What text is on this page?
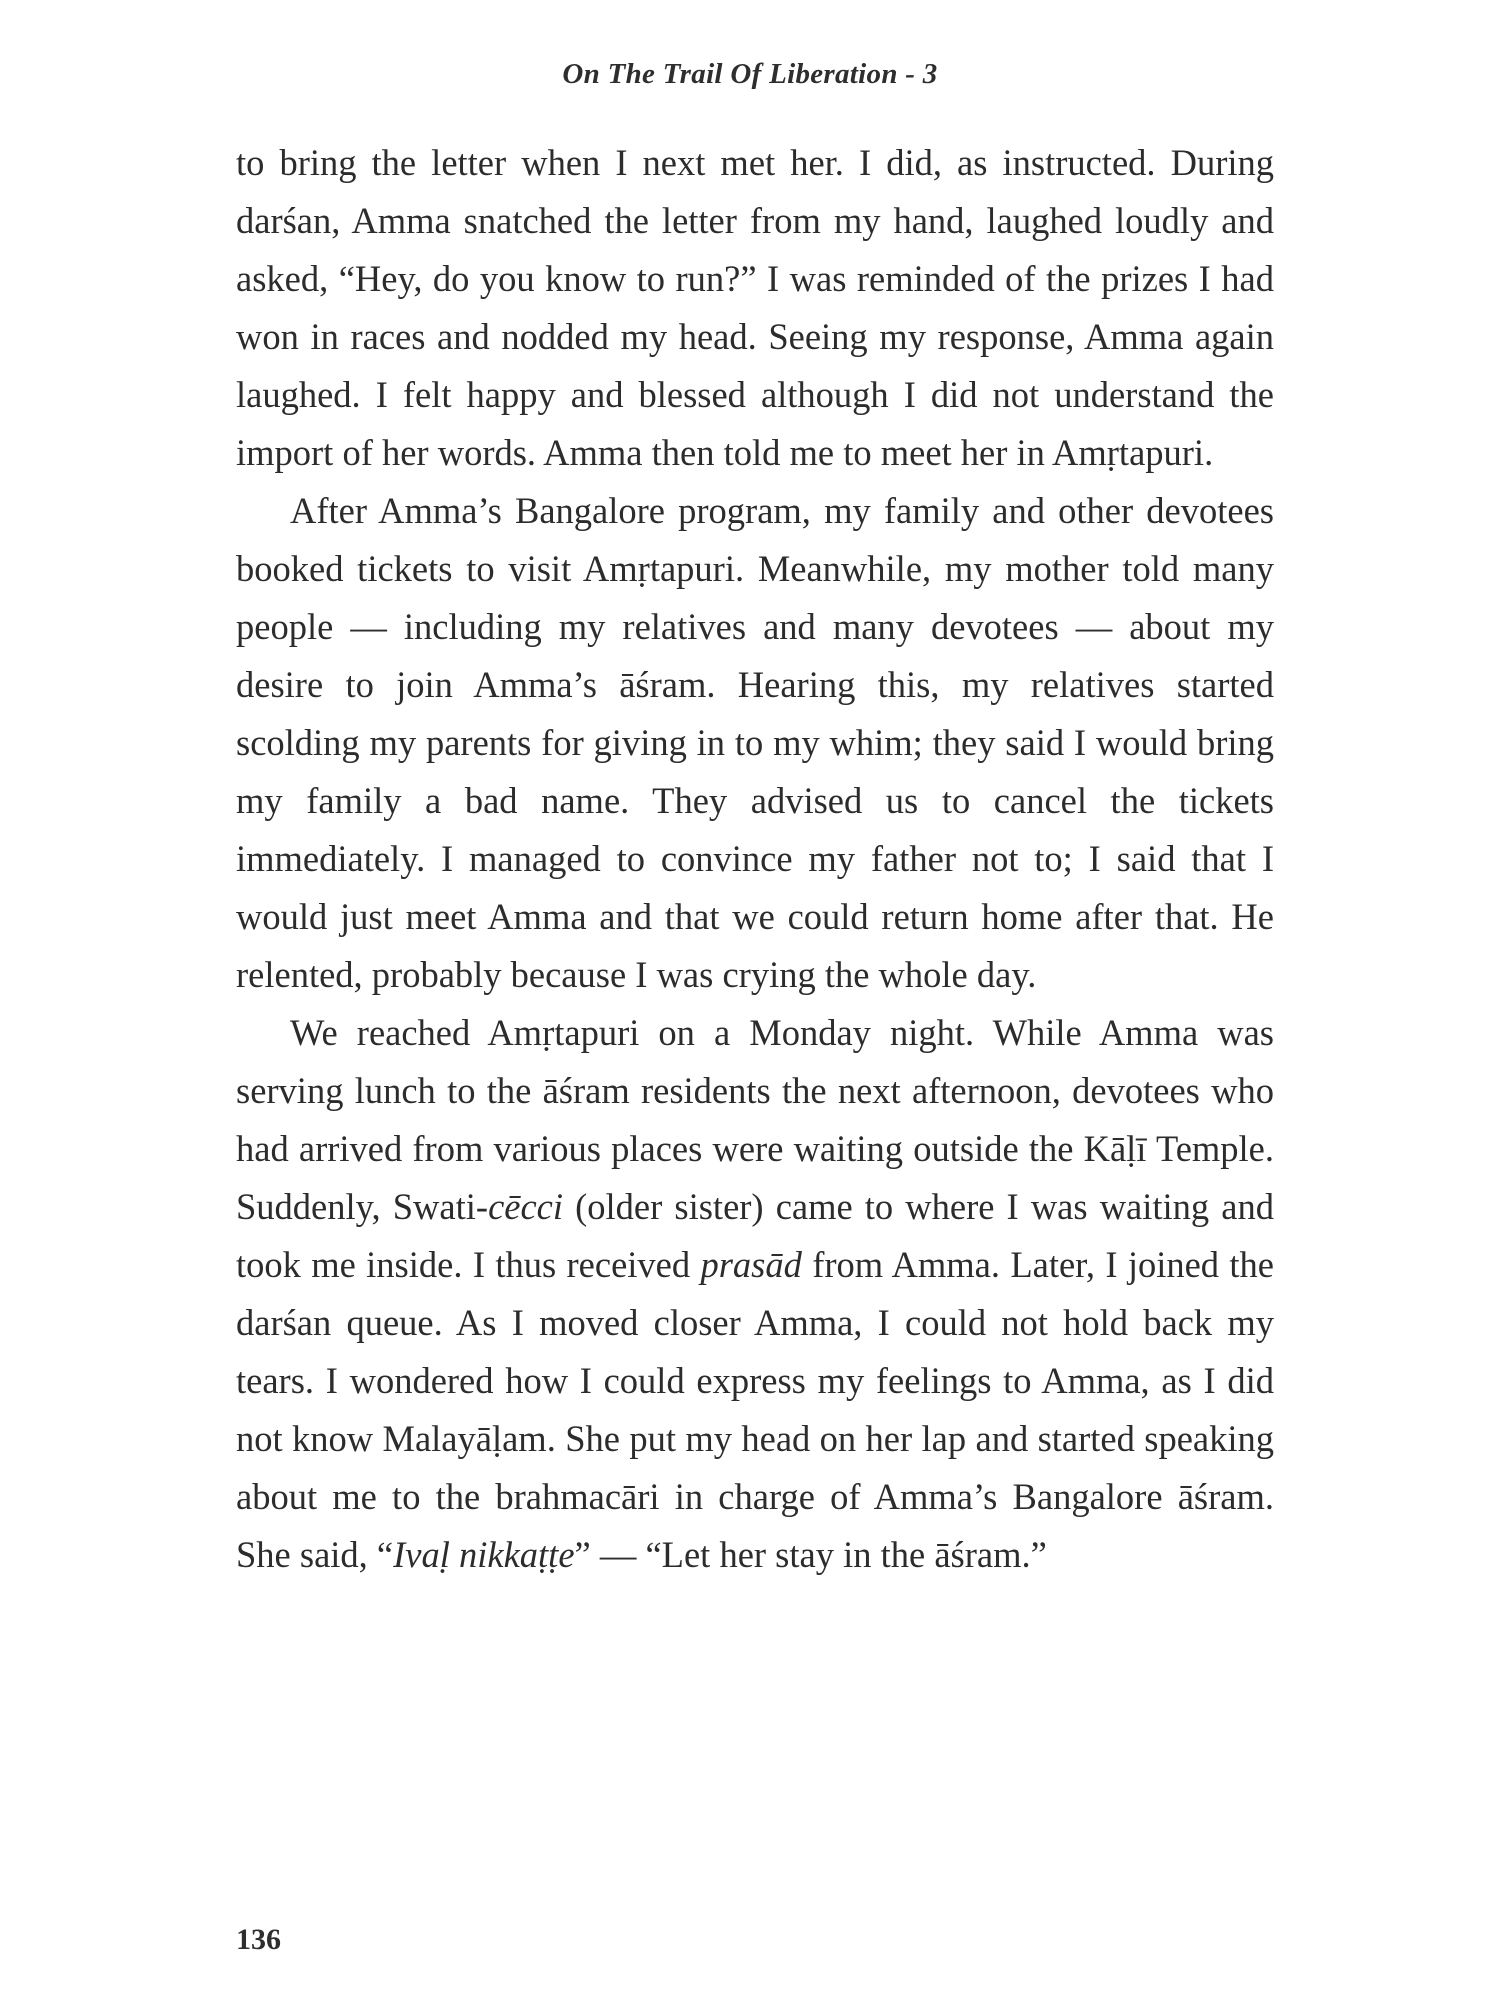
On The Trail Of Liberation - 3

to bring the letter when I next met her. I did, as instructed. During darśan, Amma snatched the letter from my hand, laughed loudly and asked, “Hey, do you know to run?” I was reminded of the prizes I had won in races and nodded my head. Seeing my response, Amma again laughed. I felt happy and blessed although I did not understand the import of her words. Amma then told me to meet her in Amṛtapuri.

After Amma’s Bangalore program, my family and other devotees booked tickets to visit Amṛtapuri. Meanwhile, my mother told many people — including my relatives and many devotees — about my desire to join Amma’s āśram. Hearing this, my relatives started scolding my parents for giving in to my whim; they said I would bring my family a bad name. They advised us to cancel the tickets immediately. I managed to convince my father not to; I said that I would just meet Amma and that we could return home after that. He relented, probably because I was crying the whole day.

We reached Amṛtapuri on a Monday night. While Amma was serving lunch to the āśram residents the next afternoon, devotees who had arrived from various places were waiting outside the Kāḷī Temple. Suddenly, Swati-cēcci (older sister) came to where I was waiting and took me inside. I thus received prasād from Amma. Later, I joined the darśan queue. As I moved closer Amma, I could not hold back my tears. I wondered how I could express my feelings to Amma, as I did not know Malayāḷam. She put my head on her lap and started speaking about me to the brahmacāri in charge of Amma’s Bangalore āśram. She said, “Ivaḷ nikkaṭṭe” — “Let her stay in the āśram.”

136
